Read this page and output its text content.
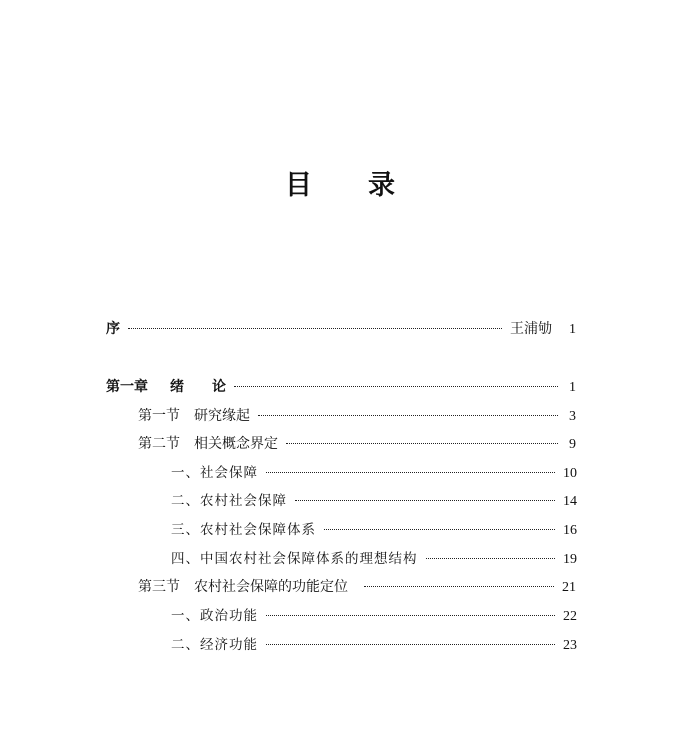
目 录
序	王浦劬 1
第一章 绪　　论	1
第一节 研究缘起	3
第二节 相关概念界定	9
一、社会保障	10
二、农村社会保障	14
三、农村社会保障体系	16
四、中国农村社会保障体系的理想结构	19
第三节 农村社会保障的功能定位	21
一、政治功能	22
二、经济功能	23
